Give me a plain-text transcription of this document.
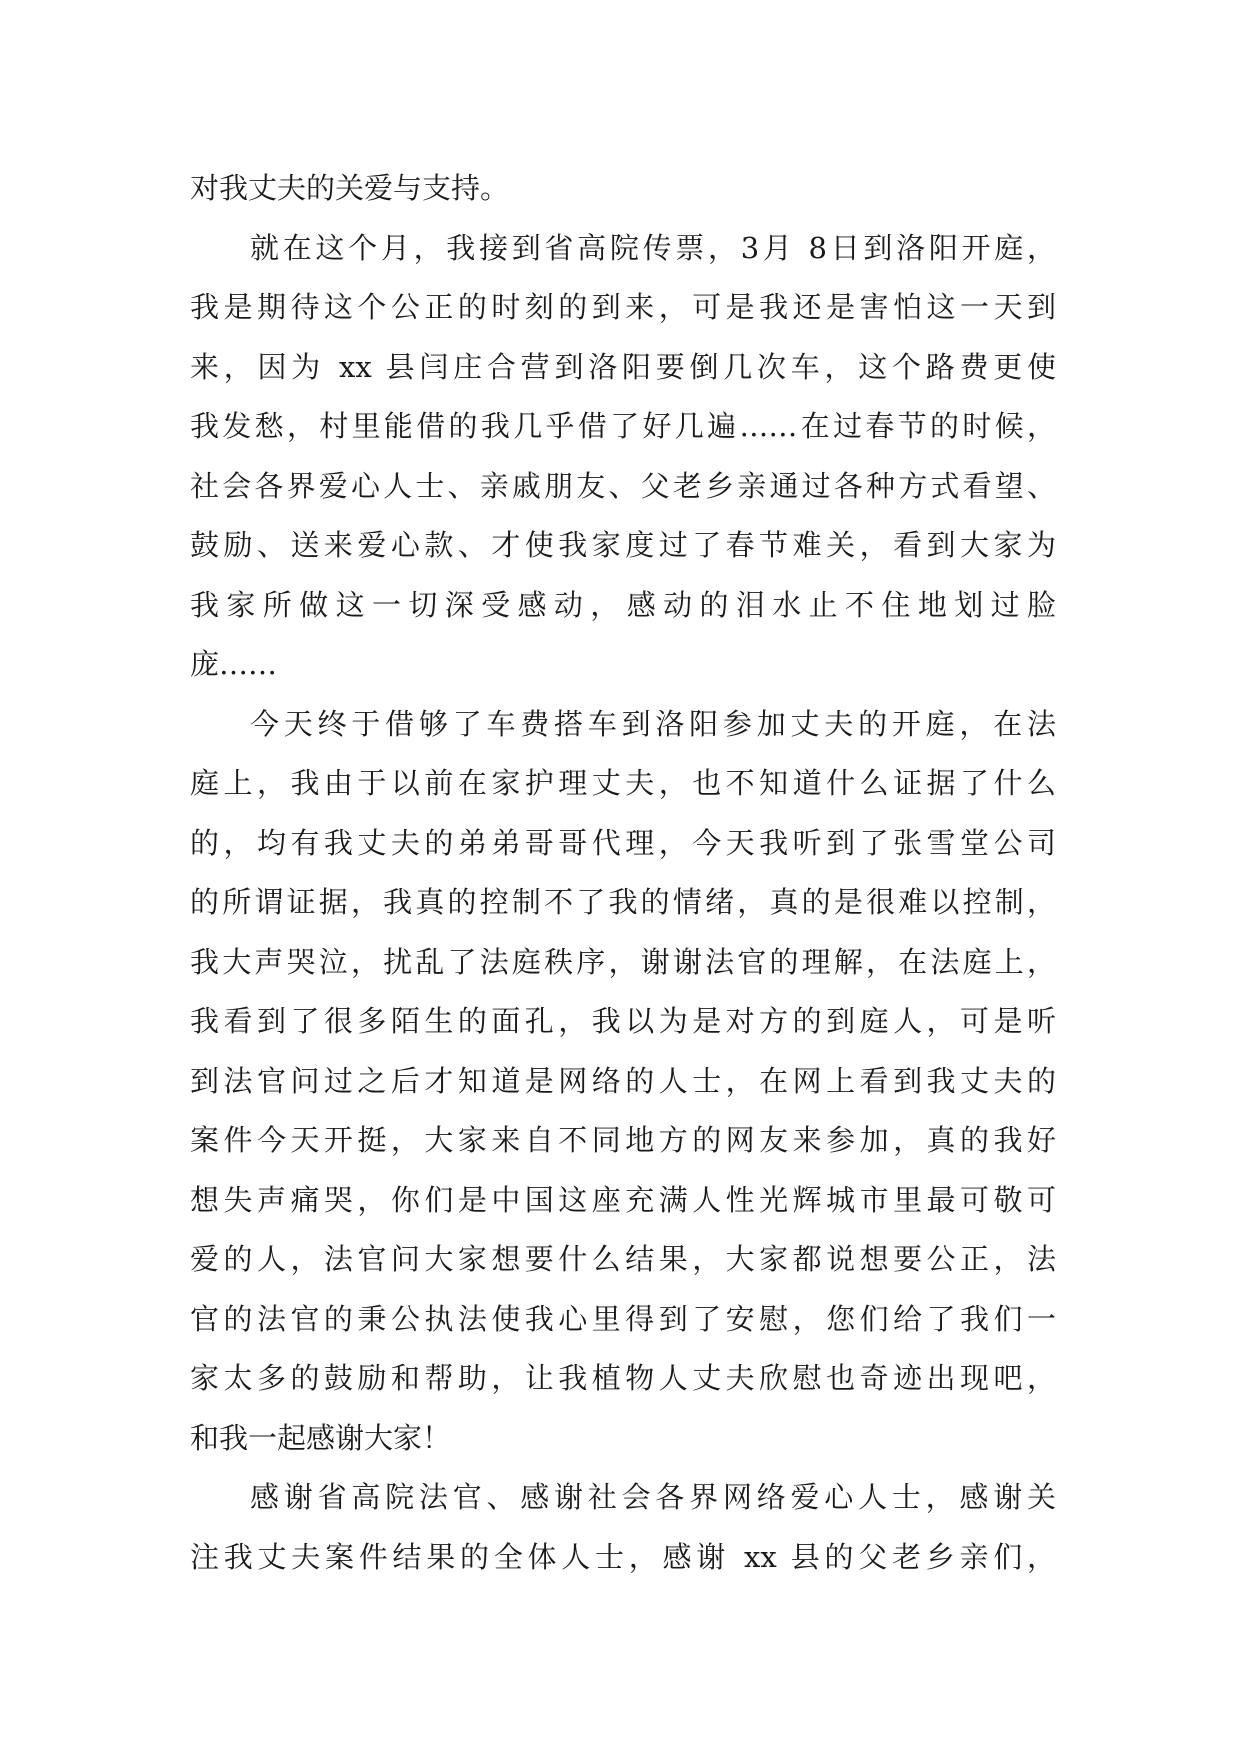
对我丈夫的关爱与支持。
就在这个月，我接到省高院传票，3月 8日到洛阳开庭，
我是期待这个公正的时刻的到来，可是我还是害怕这一天到
来，因为 xx 县闫庄合营到洛阳要倒几次车，这个路费更使
我发愁，村里能借的我几乎借了好几遍……在过春节的时候，
社会各界爱心人士、亲戚朋友、父老乡亲通过各种方式看望、
鼓励、送来爱心款、才使我家度过了春节难关，看到大家为
我家所做这一切深受感动，感动的泪水止不住地划过脸
庞……
今天终于借够了车费搭车到洛阳参加丈夫的开庭，在法
庭上，我由于以前在家护理丈夫，也不知道什么证据了什么
的，均有我丈夫的弟弟哥哥代理，今天我听到了张雪堂公司
的所谓证据，我真的控制不了我的情绪，真的是很难以控制，
我大声哭泣，扰乱了法庭秩序，谢谢法官的理解，在法庭上，
我看到了很多陌生的面孔，我以为是对方的到庭人，可是听
到法官问过之后才知道是网络的人士，在网上看到我丈夫的
案件今天开挺，大家来自不同地方的网友来参加，真的我好
想失声痛哭，你们是中国这座充满人性光辉城市里最可敬可
爱的人，法官问大家想要什么结果，大家都说想要公正，法
官的法官的秉公执法使我心里得到了安慰，您们给了我们一
家太多的鼓励和帮助，让我植物人丈夫欣慰也奇迹出现吧，
和我一起感谢大家！
感谢省高院法官、感谢社会各界网络爱心人士，感谢关
注我丈夫案件结果的全体人士，感谢 xx 县的父老乡亲们，
